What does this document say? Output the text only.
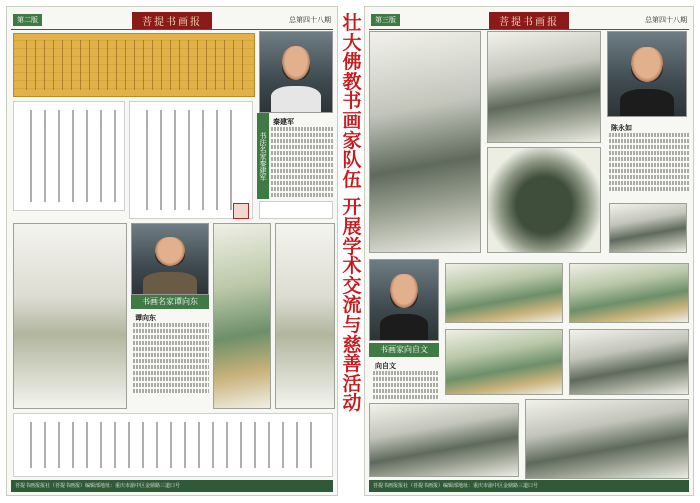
第二版	菩提书画报	总第四十八期
书法名家秦建军
秦建军
书画名家谭向东
谭向东
菩提书画报报社（菩提书画报）编辑部地址：重庆市渝中区金鼎路三道口号
壮大佛教书画家队伍
开展学术交流与慈善活动
第三版	菩提书画报	总第四十八期
陈永如
书画家向自文
向自文
菩提书画报报社（菩提书画报）编辑部地址：重庆市渝中区金鼎路三道口号
